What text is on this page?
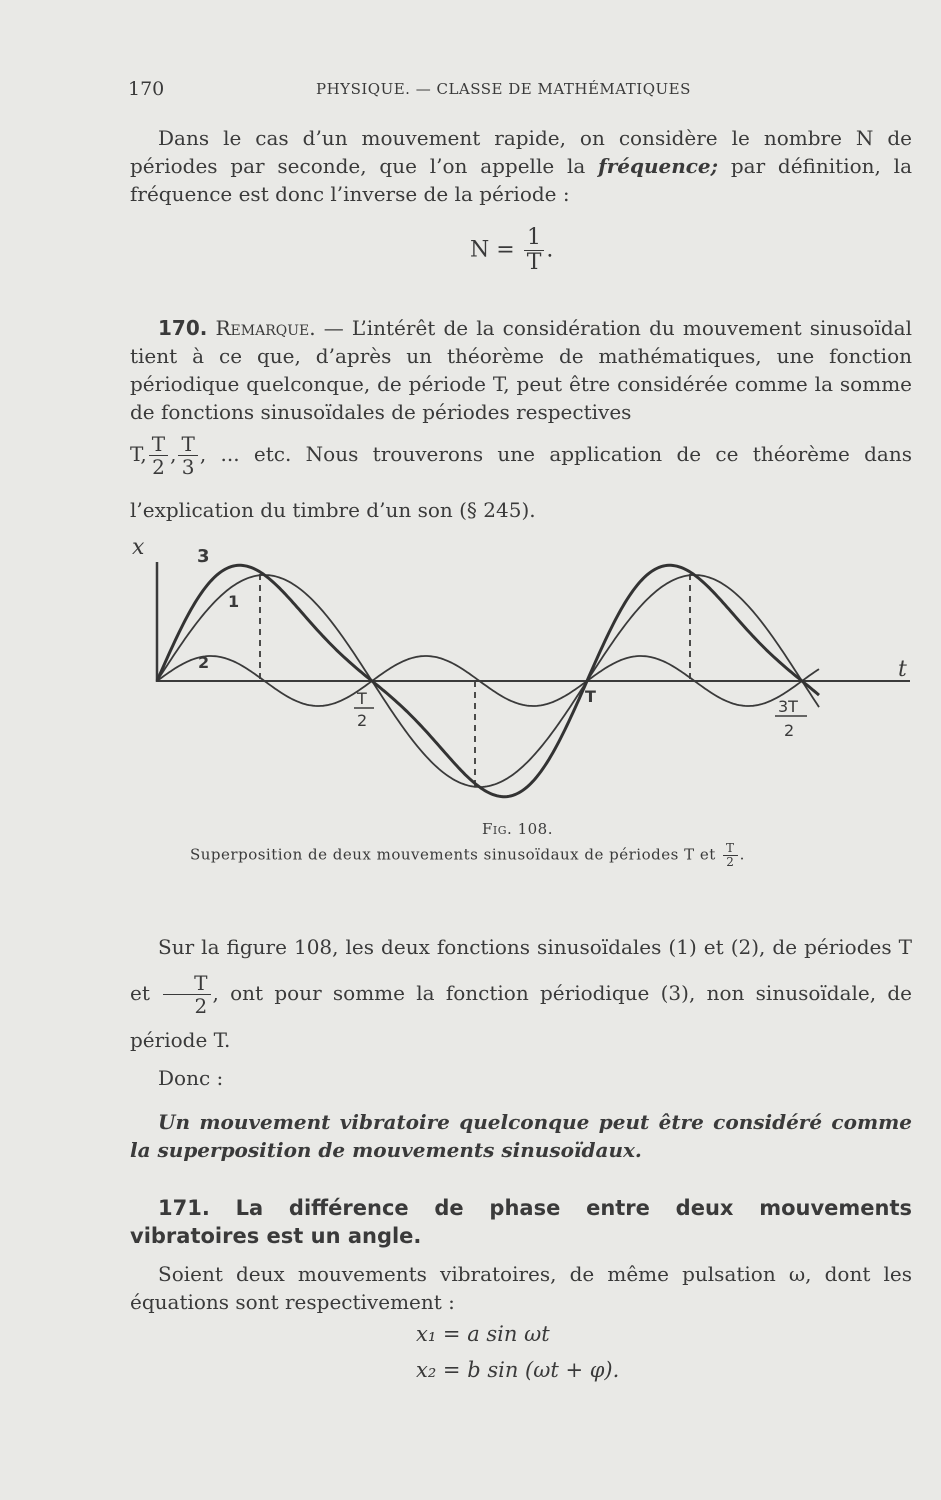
170	PHYSIQUE. — CLASSE DE MATHÉMATIQUES

Dans le cas d’un mouvement rapide, on considère le nombre N de périodes par seconde, que l’on appelle la fréquence; par définition, la fréquence est donc l’inverse de la période :

$N = \frac{1}{T}$ .

170. Remarque. — L’intérêt de la considération du mouvement sinusoïdal tient à ce que, d’après un théorème de mathématiques, une fonction périodique quelconque, de période T, peut être considérée comme la somme de fonctions sinusoïdales de périodes respectives

T, $\frac{T}{2}$ , $\frac{T}{3}$ , ... etc. Nous trouverons une application de ce théorème dans l’explication du timbre d’un son (§ 245).
x
t
3
1
2
T
2
T
3T
2
Fig. 108.
Superposition de deux mouvements sinusoïdaux de périodes T et $\frac{T}{2}$ .
Sur la figure 108, les deux fonctions sinusoïdales (1) et (2), de périodes T et $\frac{T}{2}$ , ont pour somme la fonction périodique (3), non sinusoïdale, de période T.

Donc :

Un mouvement vibratoire quelconque peut être considéré comme la superposition de mouvements sinusoïdaux.

171. La différence de phase entre deux mouvements vibratoires est un angle.

Soient deux mouvements vibratoires, de même pulsation ω, dont les équations sont respectivement :

x₁ = a sin ωt
x₂ = b sin (ωt + φ).
